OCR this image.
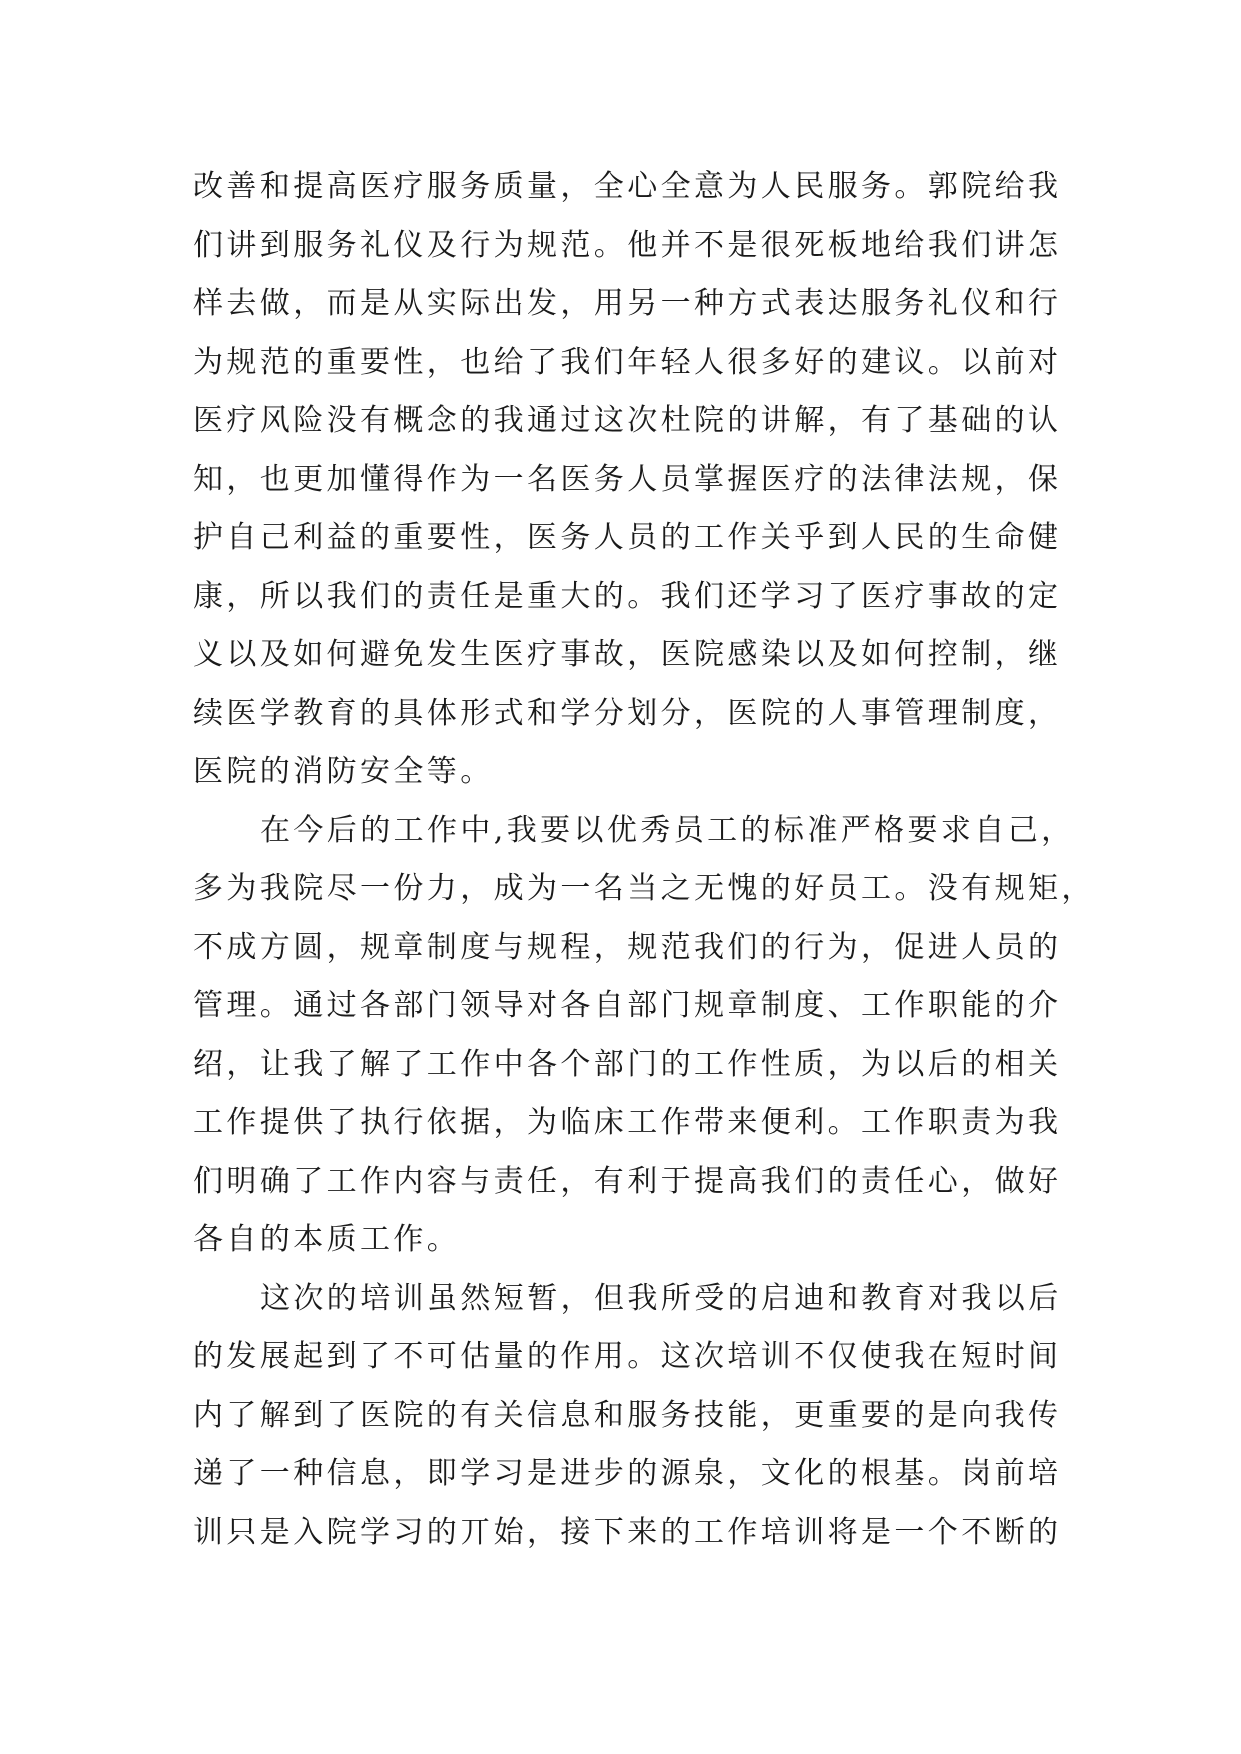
改善和提高医疗服务质量，全心全意为人民服务。郭院给我
们讲到服务礼仪及行为规范。他并不是很死板地给我们讲怎
样去做，而是从实际出发，用另一种方式表达服务礼仪和行
为规范的重要性，也给了我们年轻人很多好的建议。以前对
医疗风险没有概念的我通过这次杜院的讲解，有了基础的认
知，也更加懂得作为一名医务人员掌握医疗的法律法规，保
护自己利益的重要性，医务人员的工作关乎到人民的生命健
康，所以我们的责任是重大的。我们还学习了医疗事故的定
义以及如何避免发生医疗事故，医院感染以及如何控制，继
续医学教育的具体形式和学分划分，医院的人事管理制度，
医院的消防安全等。
在今后的工作中,我要以优秀员工的标准严格要求自己，
多为我院尽一份力，成为一名当之无愧的好员工。没有规矩，
不成方圆，规章制度与规程，规范我们的行为，促进人员的
管理。通过各部门领导对各自部门规章制度、工作职能的介
绍，让我了解了工作中各个部门的工作性质，为以后的相关
工作提供了执行依据，为临床工作带来便利。工作职责为我
们明确了工作内容与责任，有利于提高我们的责任心，做好
各自的本质工作。
这次的培训虽然短暂，但我所受的启迪和教育对我以后
的发展起到了不可估量的作用。这次培训不仅使我在短时间
内了解到了医院的有关信息和服务技能，更重要的是向我传
递了一种信息，即学习是进步的源泉，文化的根基。岗前培
训只是入院学习的丌始，接下来的工作培训将是一个不断的
